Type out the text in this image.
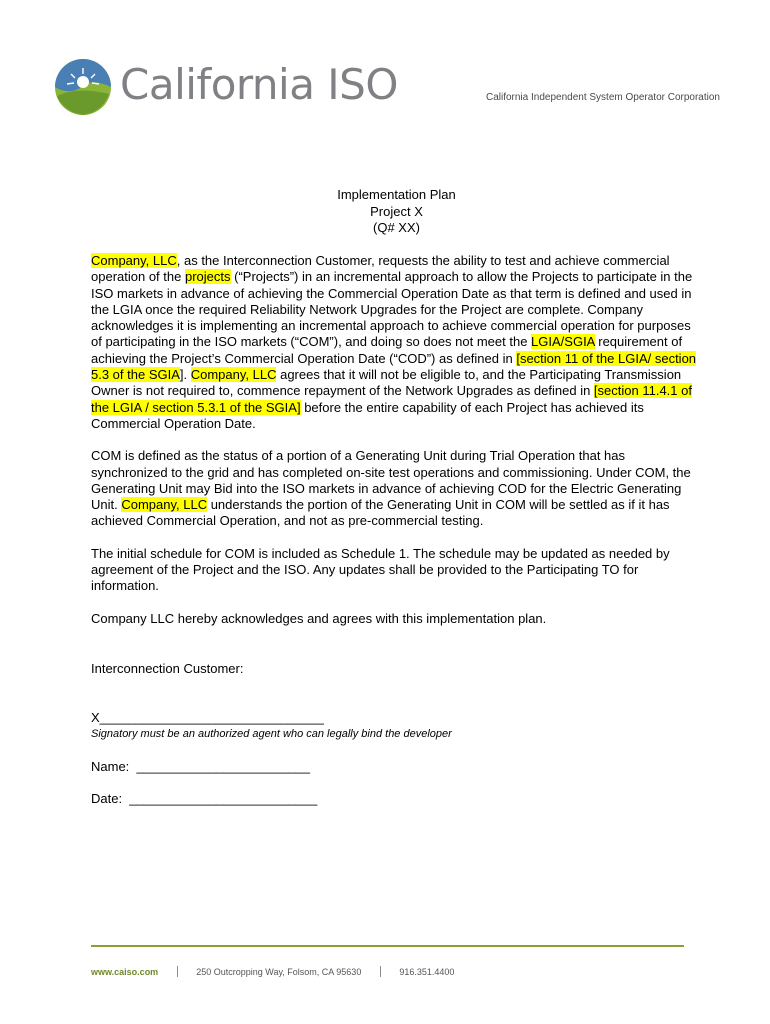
California ISO	California Independent System Operator Corporation
Implementation Plan
Project X
(Q# XX)

Company, LLC, as the Interconnection Customer, requests the ability to test and achieve commercial operation of the projects (“Projects”) in an incremental approach to allow the Projects to participate in the ISO markets in advance of achieving the Commercial Operation Date as that term is defined and used in the LGIA once the required Reliability Network Upgrades for the Project are complete. Company acknowledges it is implementing an incremental approach to achieve commercial operation for purposes of participating in the ISO markets (“COM”), and doing so does not meet the LGIA/SGIA requirement of achieving the Project’s Commercial Operation Date (“COD”) as defined in [section 11 of the LGIA/ section 5.3 of the SGIA]. Company, LLC agrees that it will not be eligible to, and the Participating Transmission Owner is not required to, commence repayment of the Network Upgrades as defined in [section 11.4.1 of the LGIA / section 5.3.1 of the SGIA] before the entire capability of each Project has achieved its Commercial Operation Date.

COM is defined as the status of a portion of a Generating Unit during Trial Operation that has synchronized to the grid and has completed on-site test operations and commissioning. Under COM, the Generating Unit may Bid into the ISO markets in advance of achieving COD for the Electric Generating Unit. Company, LLC understands the portion of the Generating Unit in COM will be settled as if it has achieved Commercial Operation, and not as pre-commercial testing.

The initial schedule for COM is included as Schedule 1. The schedule may be updated as needed by agreement of the Project and the ISO. Any updates shall be provided to the Participating TO for information.

Company LLC hereby acknowledges and agrees with this implementation plan.

Interconnection Customer:
X_______________________________
Signatory must be an authorized agent who can legally bind the developer
Name:  ________________________
Date:  __________________________
www.caiso.com	250 Outcropping Way, Folsom, CA 95630	916.351.4400
